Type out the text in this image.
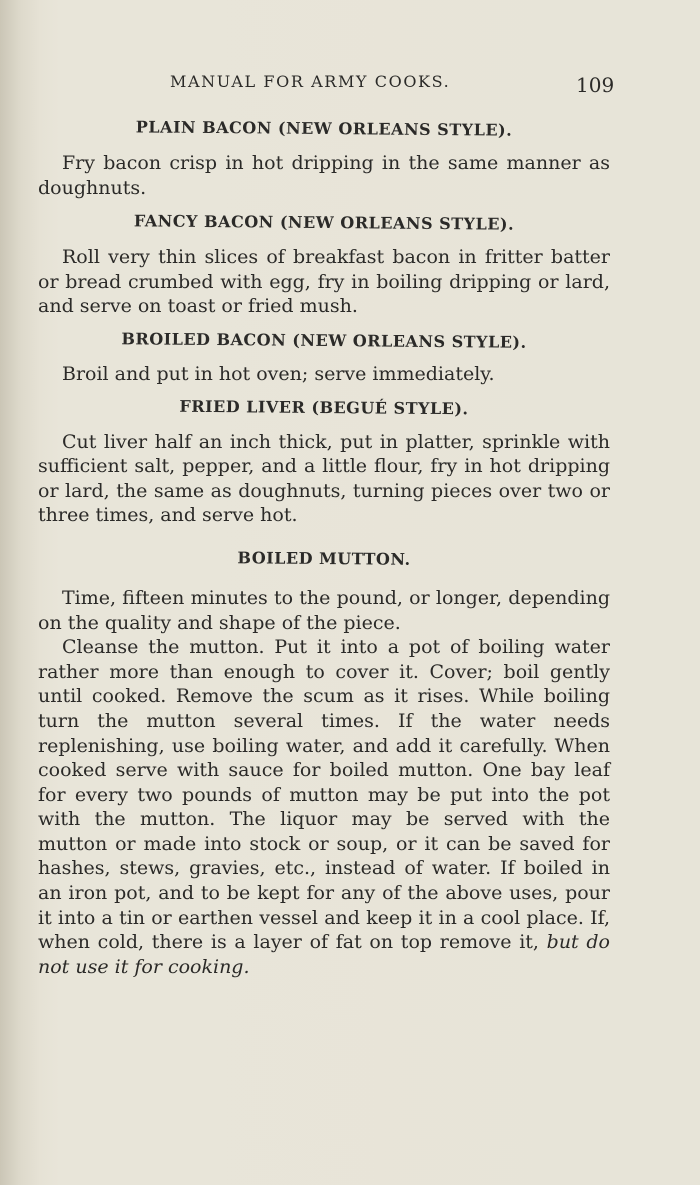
MANUAL FOR ARMY COOKS.	109
PLAIN BACON (NEW ORLEANS STYLE).

Fry bacon crisp in hot dripping in the same manner as doughnuts.

FANCY BACON (NEW ORLEANS STYLE).

Roll very thin slices of breakfast bacon in fritter batter or bread crumbed with egg, fry in boiling dripping or lard, and serve on toast or fried mush.

BROILED BACON (NEW ORLEANS STYLE).

Broil and put in hot oven; serve immediately.

FRIED LIVER (BEGUÉ STYLE).

Cut liver half an inch thick, put in platter, sprinkle with sufficient salt, pepper, and a little flour, fry in hot dripping or lard, the same as doughnuts, turning pieces over two or three times, and serve hot.

BOILED MUTTON.

Time, fifteen minutes to the pound, or longer, depending on the quality and shape of the piece.

Cleanse the mutton. Put it into a pot of boiling water rather more than enough to cover it. Cover; boil gently until cooked. Remove the scum as it rises. While boiling turn the mutton several times. If the water needs replenishing, use boiling water, and add it carefully. When cooked serve with sauce for boiled mutton. One bay leaf for every two pounds of mutton may be put into the pot with the mutton. The liquor may be served with the mutton or made into stock or soup, or it can be saved for hashes, stews, gravies, etc., instead of water. If boiled in an iron pot, and to be kept for any of the above uses, pour it into a tin or earthen vessel and keep it in a cool place. If, when cold, there is a layer of fat on top remove it, but do not use it for cooking.
